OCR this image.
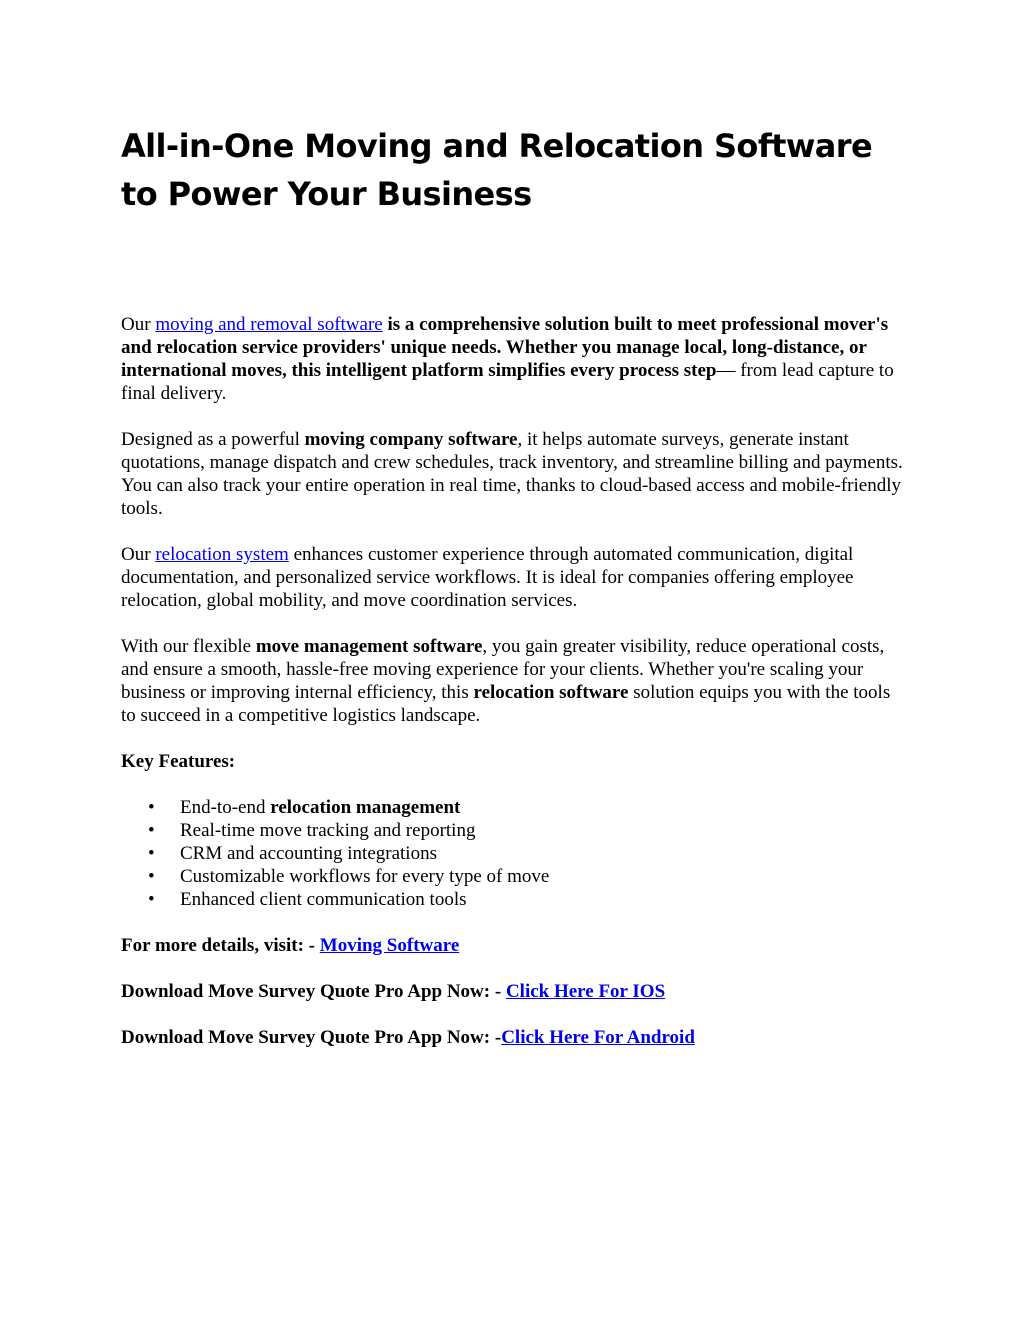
All-in-One Moving and Relocation Software to Power Your Business

Our moving and removal software is a comprehensive solution built to meet professional mover's and relocation service providers' unique needs. Whether you manage local, long-distance, or international moves, this intelligent platform simplifies every process step— from lead capture to final delivery.

Designed as a powerful moving company software, it helps automate surveys, generate instant quotations, manage dispatch and crew schedules, track inventory, and streamline billing and payments. You can also track your entire operation in real time, thanks to cloud-based access and mobile-friendly tools.

Our relocation system enhances customer experience through automated communication, digital documentation, and personalized service workflows. It is ideal for companies offering employee relocation, global mobility, and move coordination services.

With our flexible move management software, you gain greater visibility, reduce operational costs, and ensure a smooth, hassle-free moving experience for your clients. Whether you're scaling your business or improving internal efficiency, this relocation software solution equips you with the tools to succeed in a competitive logistics landscape.

Key Features:

• End-to-end relocation management
• Real-time move tracking and reporting
• CRM and accounting integrations
• Customizable workflows for every type of move
• Enhanced client communication tools

For more details, visit: - Moving Software

Download Move Survey Quote Pro App Now: - Click Here For IOS

Download Move Survey Quote Pro App Now: -Click Here For Android
